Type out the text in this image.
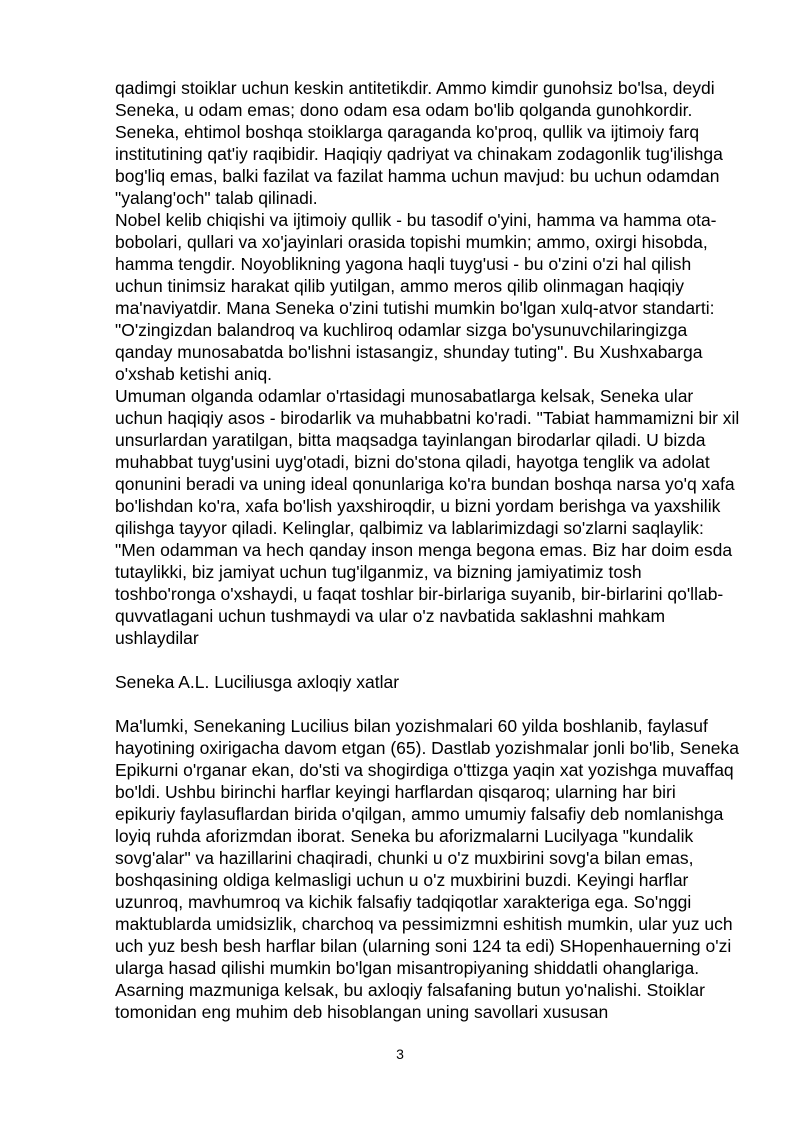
qadimgi stoiklar uchun keskin antitetikdir. Ammo kimdir gunohsiz bo'lsa, deydi Seneka, u odam emas; dono odam esa odam bo'lib qolganda gunohkordir.

Seneka, ehtimol boshqa stoiklarga qaraganda ko'proq, qullik va ijtimoiy farq institutining qat'iy raqibidir. Haqiqiy qadriyat va chinakam zodagonlik tug'ilishga bog'liq emas, balki fazilat va fazilat hamma uchun mavjud: bu uchun odamdan "yalang'och" talab qilinadi.

Nobel kelib chiqishi va ijtimoiy qullik - bu tasodif o'yini, hamma va hamma ota-bobolari, qullari va xo'jayinlari orasida topishi mumkin; ammo, oxirgi hisobda, hamma tengdir. Noyoblikning yagona haqli tuyg'usi - bu o'zini o'zi hal qilish uchun tinimsiz harakat qilib yutilgan, ammo meros qilib olinmagan haqiqiy ma'naviyatdir. Mana Seneka o'zini tutishi mumkin bo'lgan xulq-atvor standarti: "O'zingizdan balandroq va kuchliroq odamlar sizga bo'ysunuvchilaringizga qanday munosabatda bo'lishni istasangiz, shunday tuting". Bu Xushxabarga o'xshab ketishi aniq.

Umuman olganda odamlar o'rtasidagi munosabatlarga kelsak, Seneka ular uchun haqiqiy asos - birodarlik va muhabbatni ko'radi. "Tabiat hammamizni bir xil unsurlardan yaratilgan, bitta maqsadga tayinlangan birodarlar qiladi. U bizda muhabbat tuyg'usini uyg'otadi, bizni do'stona qiladi, hayotga tenglik va adolat qonunini beradi va uning ideal qonunlariga ko'ra bundan boshqa narsa yo'q xafa bo'lishdan ko'ra, xafa bo'lish yaxshiroqdir, u bizni yordam berishga va yaxshilik qilishga tayyor qiladi. Kelinglar, qalbimiz va lablarimizdagi so'zlarni saqlaylik: "Men odamman va hech qanday inson menga begona emas. Biz har doim esda tutaylikki, biz jamiyat uchun tug'ilganmiz, va bizning jamiyatimiz tosh toshbo'ronga o'xshaydi, u faqat toshlar bir-birlariga suyanib, bir-birlarini qo'llab-quvvatlagani uchun tushmaydi va ular o'z navbatida saklashni mahkam ushlaydilar

Seneka A.L. Luciliusga axloqiy xatlar

Ma'lumki, Senekaning Lucilius bilan yozishmalari 60 yilda boshlanib, faylasuf hayotining oxirigacha davom etgan (65). Dastlab yozishmalar jonli bo'lib, Seneka Epikurni o'rganar ekan, do'sti va shogirdiga o'ttizga yaqin xat yozishga muvaffaq bo'ldi. Ushbu birinchi harflar keyingi harflardan qisqaroq; ularning har biri epikuriy faylasuflardan birida o'qilgan, ammo umumiy falsafiy deb nomlanishga loyiq ruhda aforizmdan iborat. Seneka bu aforizmalarni Lucilyaga "kundalik sovg'alar" va hazillarini chaqiradi, chunki u o'z muxbirini sovg'a bilan emas, boshqasining oldiga kelmasligi uchun u o'z muxbirini buzdi. Keyingi harflar uzunroq, mavhumroq va kichik falsafiy tadqiqotlar xarakteriga ega. So'nggi maktublarda umidsizlik, charchoq va pessimizmni eshitish mumkin, ular yuz uch uch yuz besh besh harflar bilan (ularning soni 124 ta edi) SHopenhauerning o'zi ularga hasad qilishi mumkin bo'lgan misantropiyaning shiddatli ohanglariga.

Asarning mazmuniga kelsak, bu axloqiy falsafaning butun yo'nalishi. Stoiklar tomonidan eng muhim deb hisoblangan uning savollari xususan

3
